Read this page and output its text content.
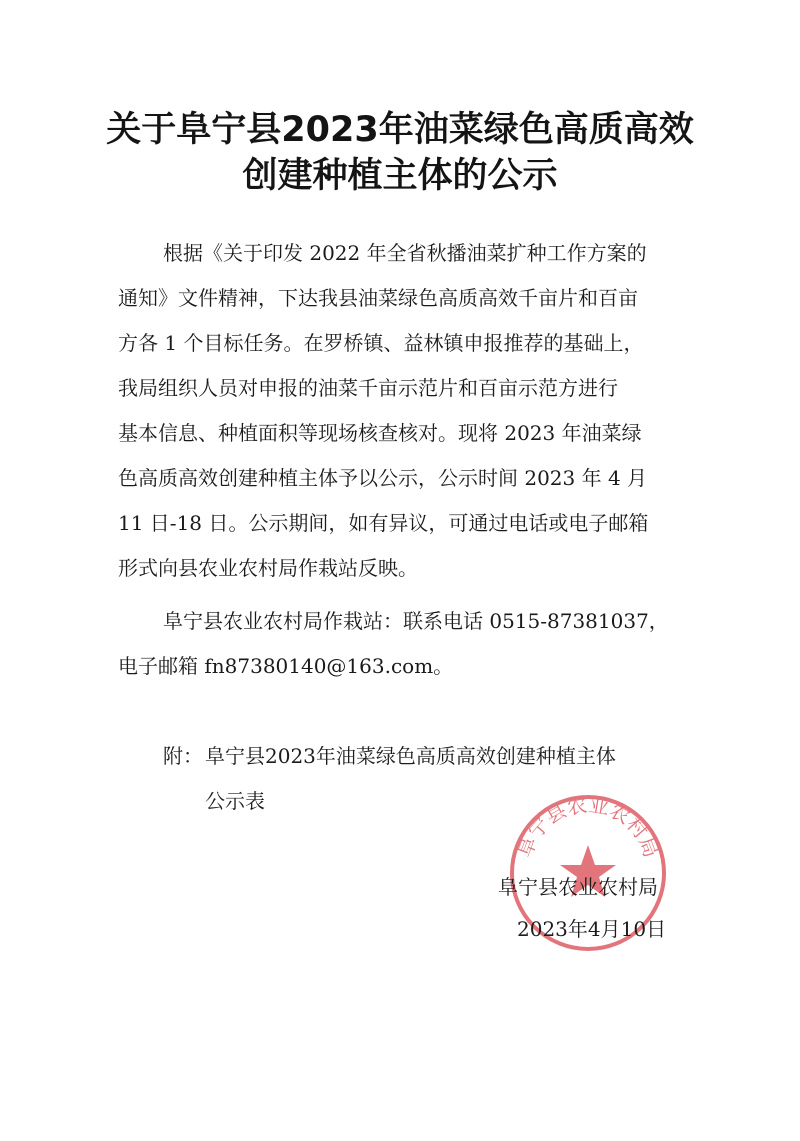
关于阜宁县2023年油菜绿色高质高效
创建种植主体的公示
根据《关于印发 2022 年全省秋播油菜扩种工作方案的
通知》文件精神，下达我县油菜绿色高质高效千亩片和百亩
方各 1 个目标任务。在罗桥镇、益林镇申报推荐的基础上，
我局组织人员对申报的油菜千亩示范片和百亩示范方进行
基本信息、种植面积等现场核查核对。现将 2023 年油菜绿
色高质高效创建种植主体予以公示，公示时间 2023 年 4 月
11 日-18 日。公示期间，如有异议，可通过电话或电子邮箱
形式向县农业农村局作栽站反映。
阜宁县农业农村局作栽站：联系电话 0515-87381037，
电子邮箱 fn87380140@163.com。
附： 阜宁县2023年油菜绿色高质高效创建种植主体
公示表
阜宁县农业农村局
阜宁县农业农村局
2023年4月10日
